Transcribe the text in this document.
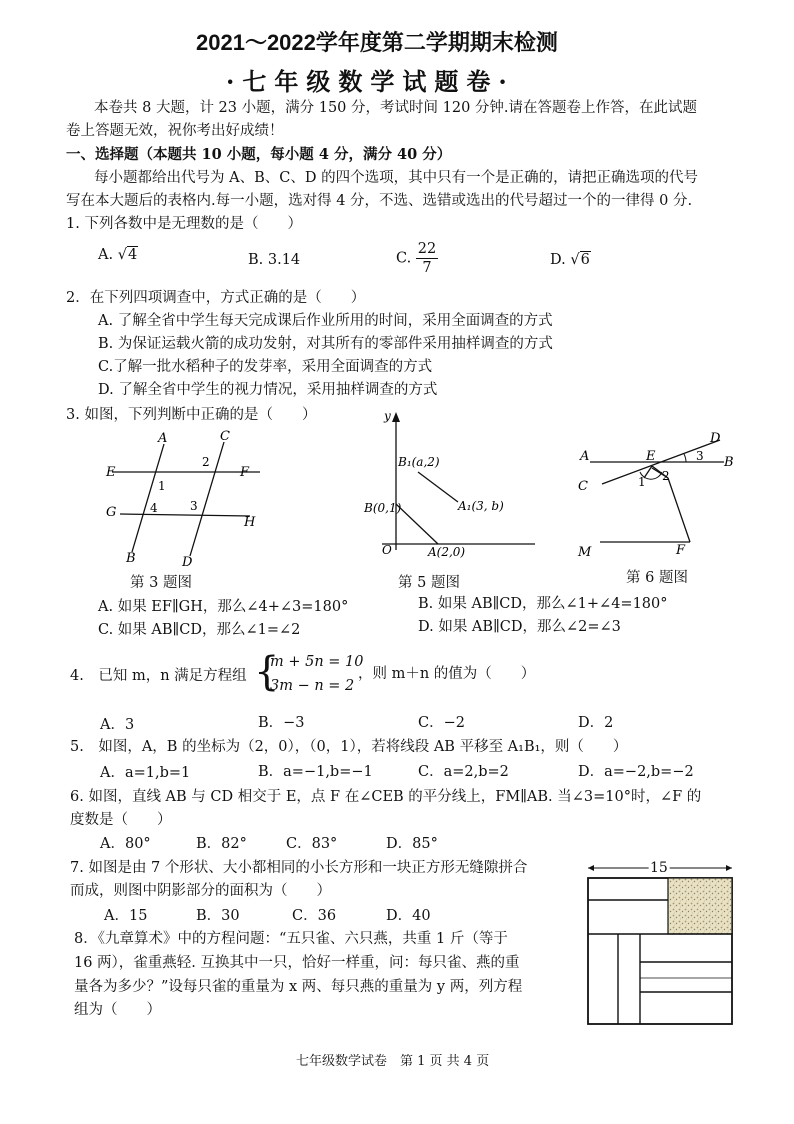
2021～2022学年度第二学期期末检测
·七年级数学试题卷·
本卷共 8 大题，计 23 小题，满分 150 分，考试时间 120 分钟.请在答题卷上作答，在此试题
卷上答题无效，祝你考出好成绩！
一、选择题（本题共 10 小题，每小题 4 分，满分 40 分）
每小题都给出代号为 A、B、C、D 的四个选项，其中只有一个是正确的，请把正确选项的代号
写在本大题后的表格内.每一小题，选对得 4 分，不选、选错或选出的代号超过一个的一律得 0 分.
1. 下列各数中是无理数的是（　　）
A. √4	B. 3.14	C. $\frac{22}{7}$	D. √6
2．在下列四项调查中，方式正确的是（　　）
A. 了解全省中学生每天完成课后作业所用的时间，采用全面调查的方式
B. 为保证运载火箭的成功发射，对其所有的零部件采用抽样调查的方式
C.了解一批水稻种子的发芽率，采用全面调查的方式
D. 了解全省中学生的视力情况，采用抽样调查的方式
3. 如图，下列判断中正确的是（　　）
A	C
E	F
G
H
B	D
1
2
3
4
第 3 题图
y
B₁(a,2)
A₁(3, b)
B(0,1)
O	A(2,0)
第 5 题图
A	E
D
B
C	1 2
3
M	F
第 6 题图
A. 如果 EF∥GH，那么∠4+∠3=180°	B. 如果 AB∥CD，那么∠1+∠4=180°
C. 如果 AB∥CD，那么∠1=∠2	D. 如果 AB∥CD，那么∠2=∠3
4.　已知 m，n 满足方程组 {
m + 5n = 10
3m − n = 2
，则 m＋n 的值为（　　）
A．3	B．−3	C．−2	D．2
5.　如图，A，B 的坐标为（2，0），（0，1），若将线段 AB 平移至 A₁B₁，则（　　）
A．a=1,b=1	B．a=−1,b=−1	C．a=2,b=2	D．a=−2,b=−2
6. 如图，直线 AB 与 CD 相交于 E，点 F 在∠CEB 的平分线上，FM∥AB. 当∠3=10°时，∠F 的
度数是（　　）
A．80°	B．82°	C．83°	D．85°
7. 如图是由 7 个形状、大小都相同的小长方形和一块正方形无缝隙拼合
而成，则图中阴影部分的面积为（　　）
A．15	B．30	C．36	D．40
15
8．《九章算术》中的方程问题：“五只雀、六只燕，共重 1 斤（等于
16 两），雀重燕轻. 互换其中一只，恰好一样重，问：每只雀、燕的重
量各为多少？”设每只雀的重量为 x 两、每只燕的重量为 y 两，列方程
组为（　　）
七年级数学试卷　第 1 页 共 4 页
